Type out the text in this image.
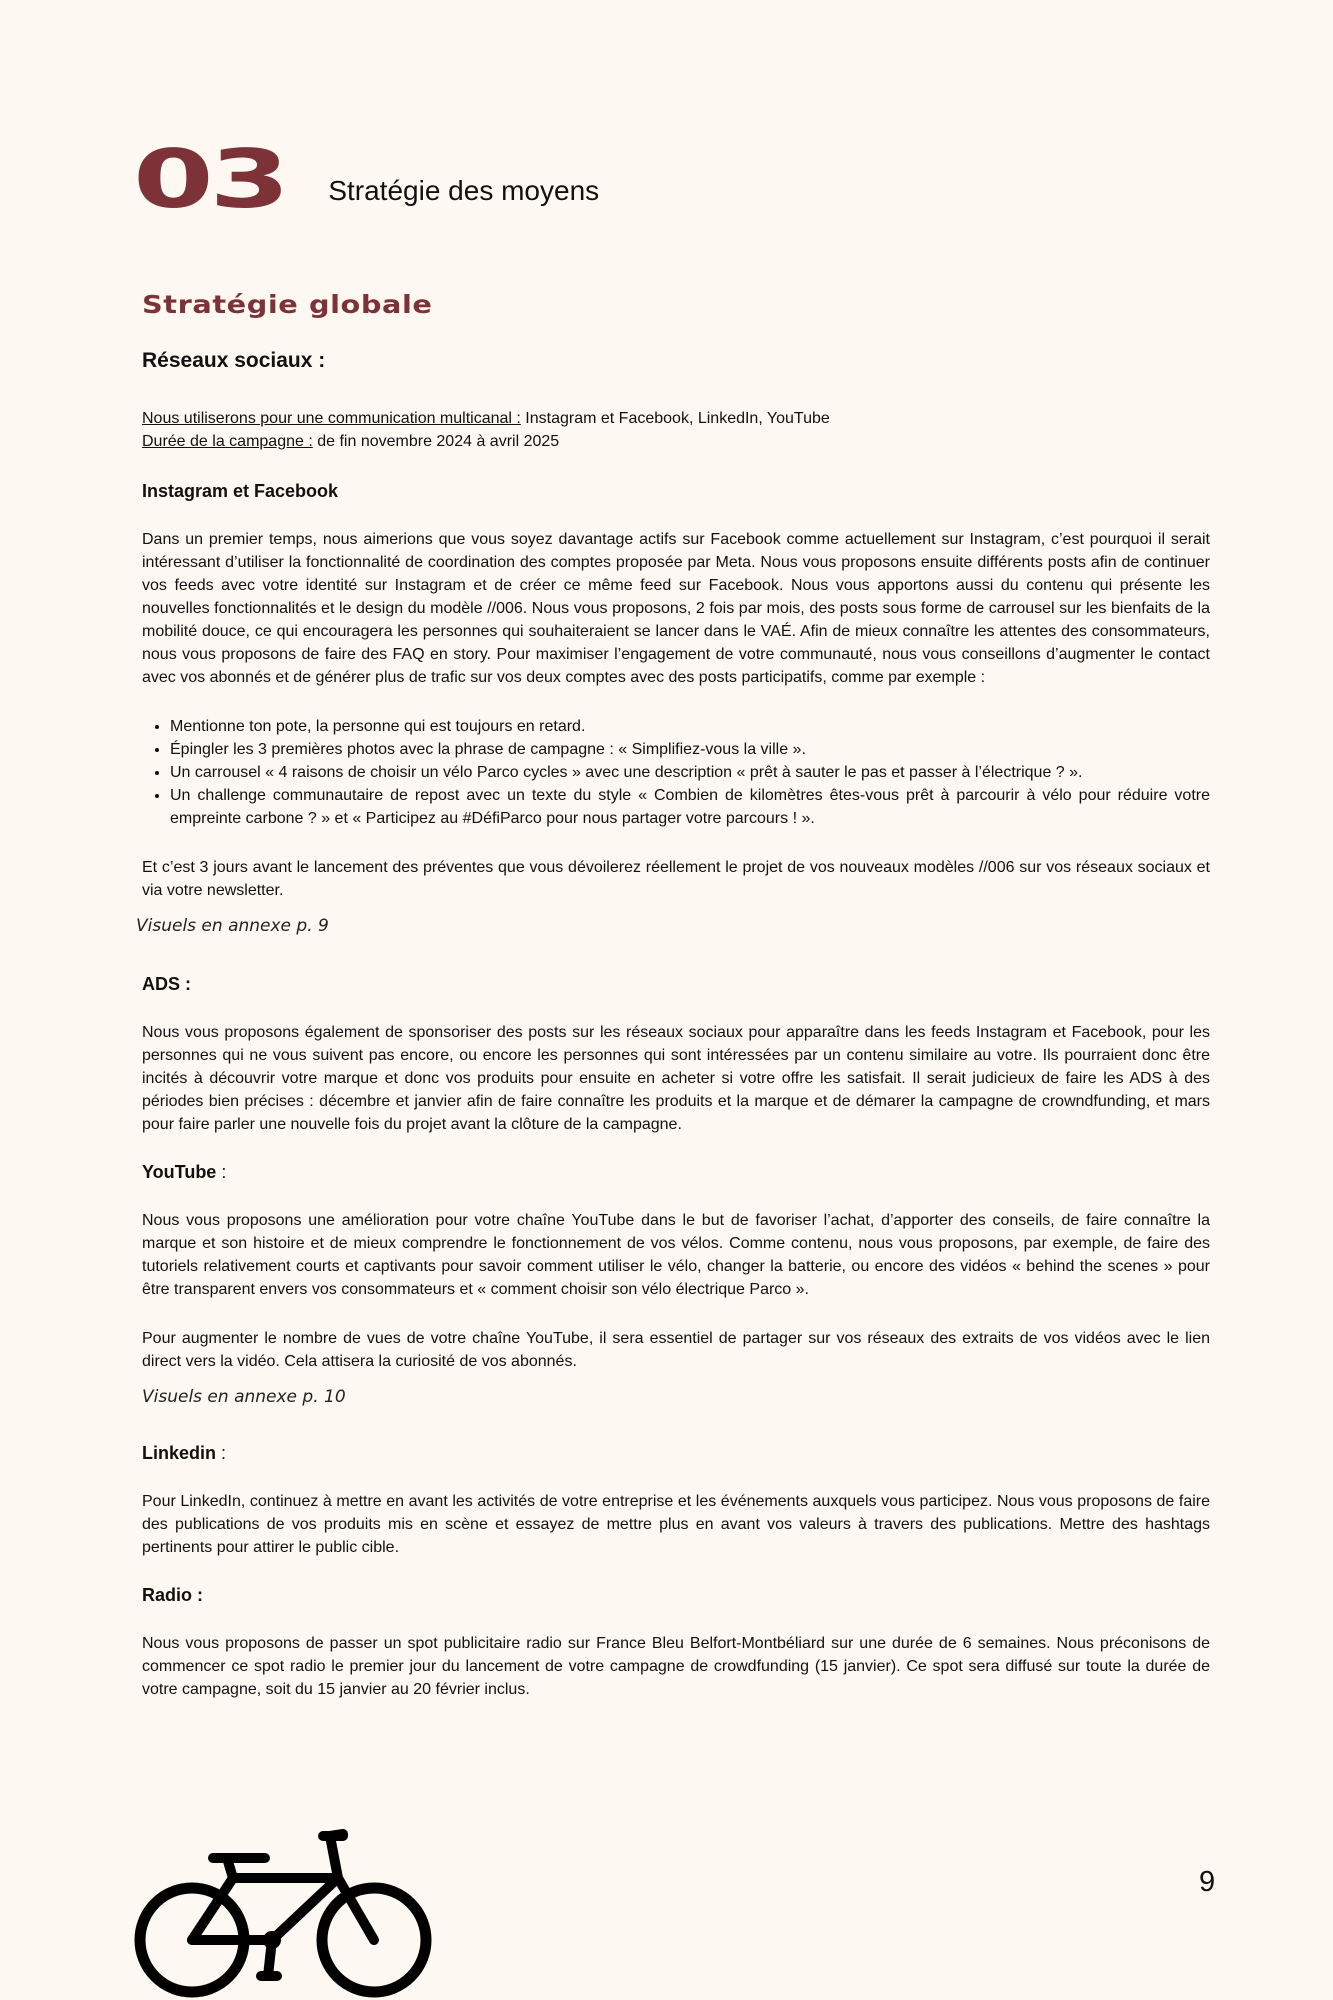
03 Stratégie des moyens
Stratégie globale
Réseaux sociaux :
Nous utiliserons pour une communication multicanal : Instagram et Facebook, LinkedIn, YouTube
Durée de la campagne : de fin novembre 2024 à avril 2025
Instagram et Facebook

Dans un premier temps, nous aimerions que vous soyez davantage actifs sur Facebook comme actuellement sur Instagram, c’est pourquoi il serait intéressant d’utiliser la fonctionnalité de coordination des comptes proposée par Meta. Nous vous proposons ensuite différents posts afin de continuer vos feeds avec votre identité sur Instagram et de créer ce même feed sur Facebook. Nous vous apportons aussi du contenu qui présente les nouvelles fonctionnalités et le design du modèle //006. Nous vous proposons, 2 fois par mois, des posts sous forme de carrousel sur les bienfaits de la mobilité douce, ce qui encouragera les personnes qui souhaiteraient se lancer dans le VAÉ. Afin de mieux connaître les attentes des consommateurs, nous vous proposons de faire des FAQ en story. Pour maximiser l’engagement de votre communauté, nous vous conseillons d’augmenter le contact avec vos abonnés et de générer plus de trafic sur vos deux comptes avec des posts participatifs, comme par exemple :

• Mentionne ton pote, la personne qui est toujours en retard.
• Épingler les 3 premières photos avec la phrase de campagne : « Simplifiez-vous la ville ».
• Un carrousel « 4 raisons de choisir un vélo Parco cycles » avec une description « prêt à sauter le pas et passer à l’électrique ? ».
• Un challenge communautaire de repost avec un texte du style « Combien de kilomètres êtes-vous prêt à parcourir à vélo pour réduire votre empreinte carbone ? » et « Participez au #DéfiParco pour nous partager votre parcours ! ».

Et c’est 3 jours avant le lancement des préventes que vous dévoilerez réellement le projet de vos nouveaux modèles //006 sur vos réseaux sociaux et via votre newsletter.

Visuels en annexe p. 9
ADS :

Nous vous proposons également de sponsoriser des posts sur les réseaux sociaux pour apparaître dans les feeds Instagram et Facebook, pour les personnes qui ne vous suivent pas encore, ou encore les personnes qui sont intéressées par un contenu similaire au votre. Ils pourraient donc être incités à découvrir votre marque et donc vos produits pour ensuite en acheter si votre offre les satisfait. Il serait judicieux de faire les ADS à des périodes bien précises : décembre et janvier afin de faire connaître les produits et la marque et de démarer la campagne de crowndfunding, et mars pour faire parler une nouvelle fois du projet avant la clôture de la campagne.

YouTube :

Nous vous proposons une amélioration pour votre chaîne YouTube dans le but de favoriser l’achat, d’apporter des conseils, de faire connaître la marque et son histoire et de mieux comprendre le fonctionnement de vos vélos. Comme contenu, nous vous proposons, par exemple, de faire des tutoriels relativement courts et captivants pour savoir comment utiliser le vélo, changer la batterie, ou encore des vidéos « behind the scenes » pour être transparent envers vos consommateurs et « comment choisir son vélo électrique Parco ».

Pour augmenter le nombre de vues de votre chaîne YouTube, il sera essentiel de partager sur vos réseaux des extraits de vos vidéos avec le lien direct vers la vidéo. Cela attisera la curiosité de vos abonnés.

Visuels en annexe p. 10
Linkedin :

Pour LinkedIn, continuez à mettre en avant les activités de votre entreprise et les événements auxquels vous participez. Nous vous proposons de faire des publications de vos produits mis en scène et essayez de mettre plus en avant vos valeurs à travers des publications. Mettre des hashtags pertinents pour attirer le public cible.

Radio :

Nous vous proposons de passer un spot publicitaire radio sur France Bleu Belfort-Montbéliard sur une durée de 6 semaines. Nous préconisons de commencer ce spot radio le premier jour du lancement de votre campagne de crowdfunding (15 janvier). Ce spot sera diffusé sur toute la durée de votre campagne, soit du 15 janvier au 20 février inclus.

9
